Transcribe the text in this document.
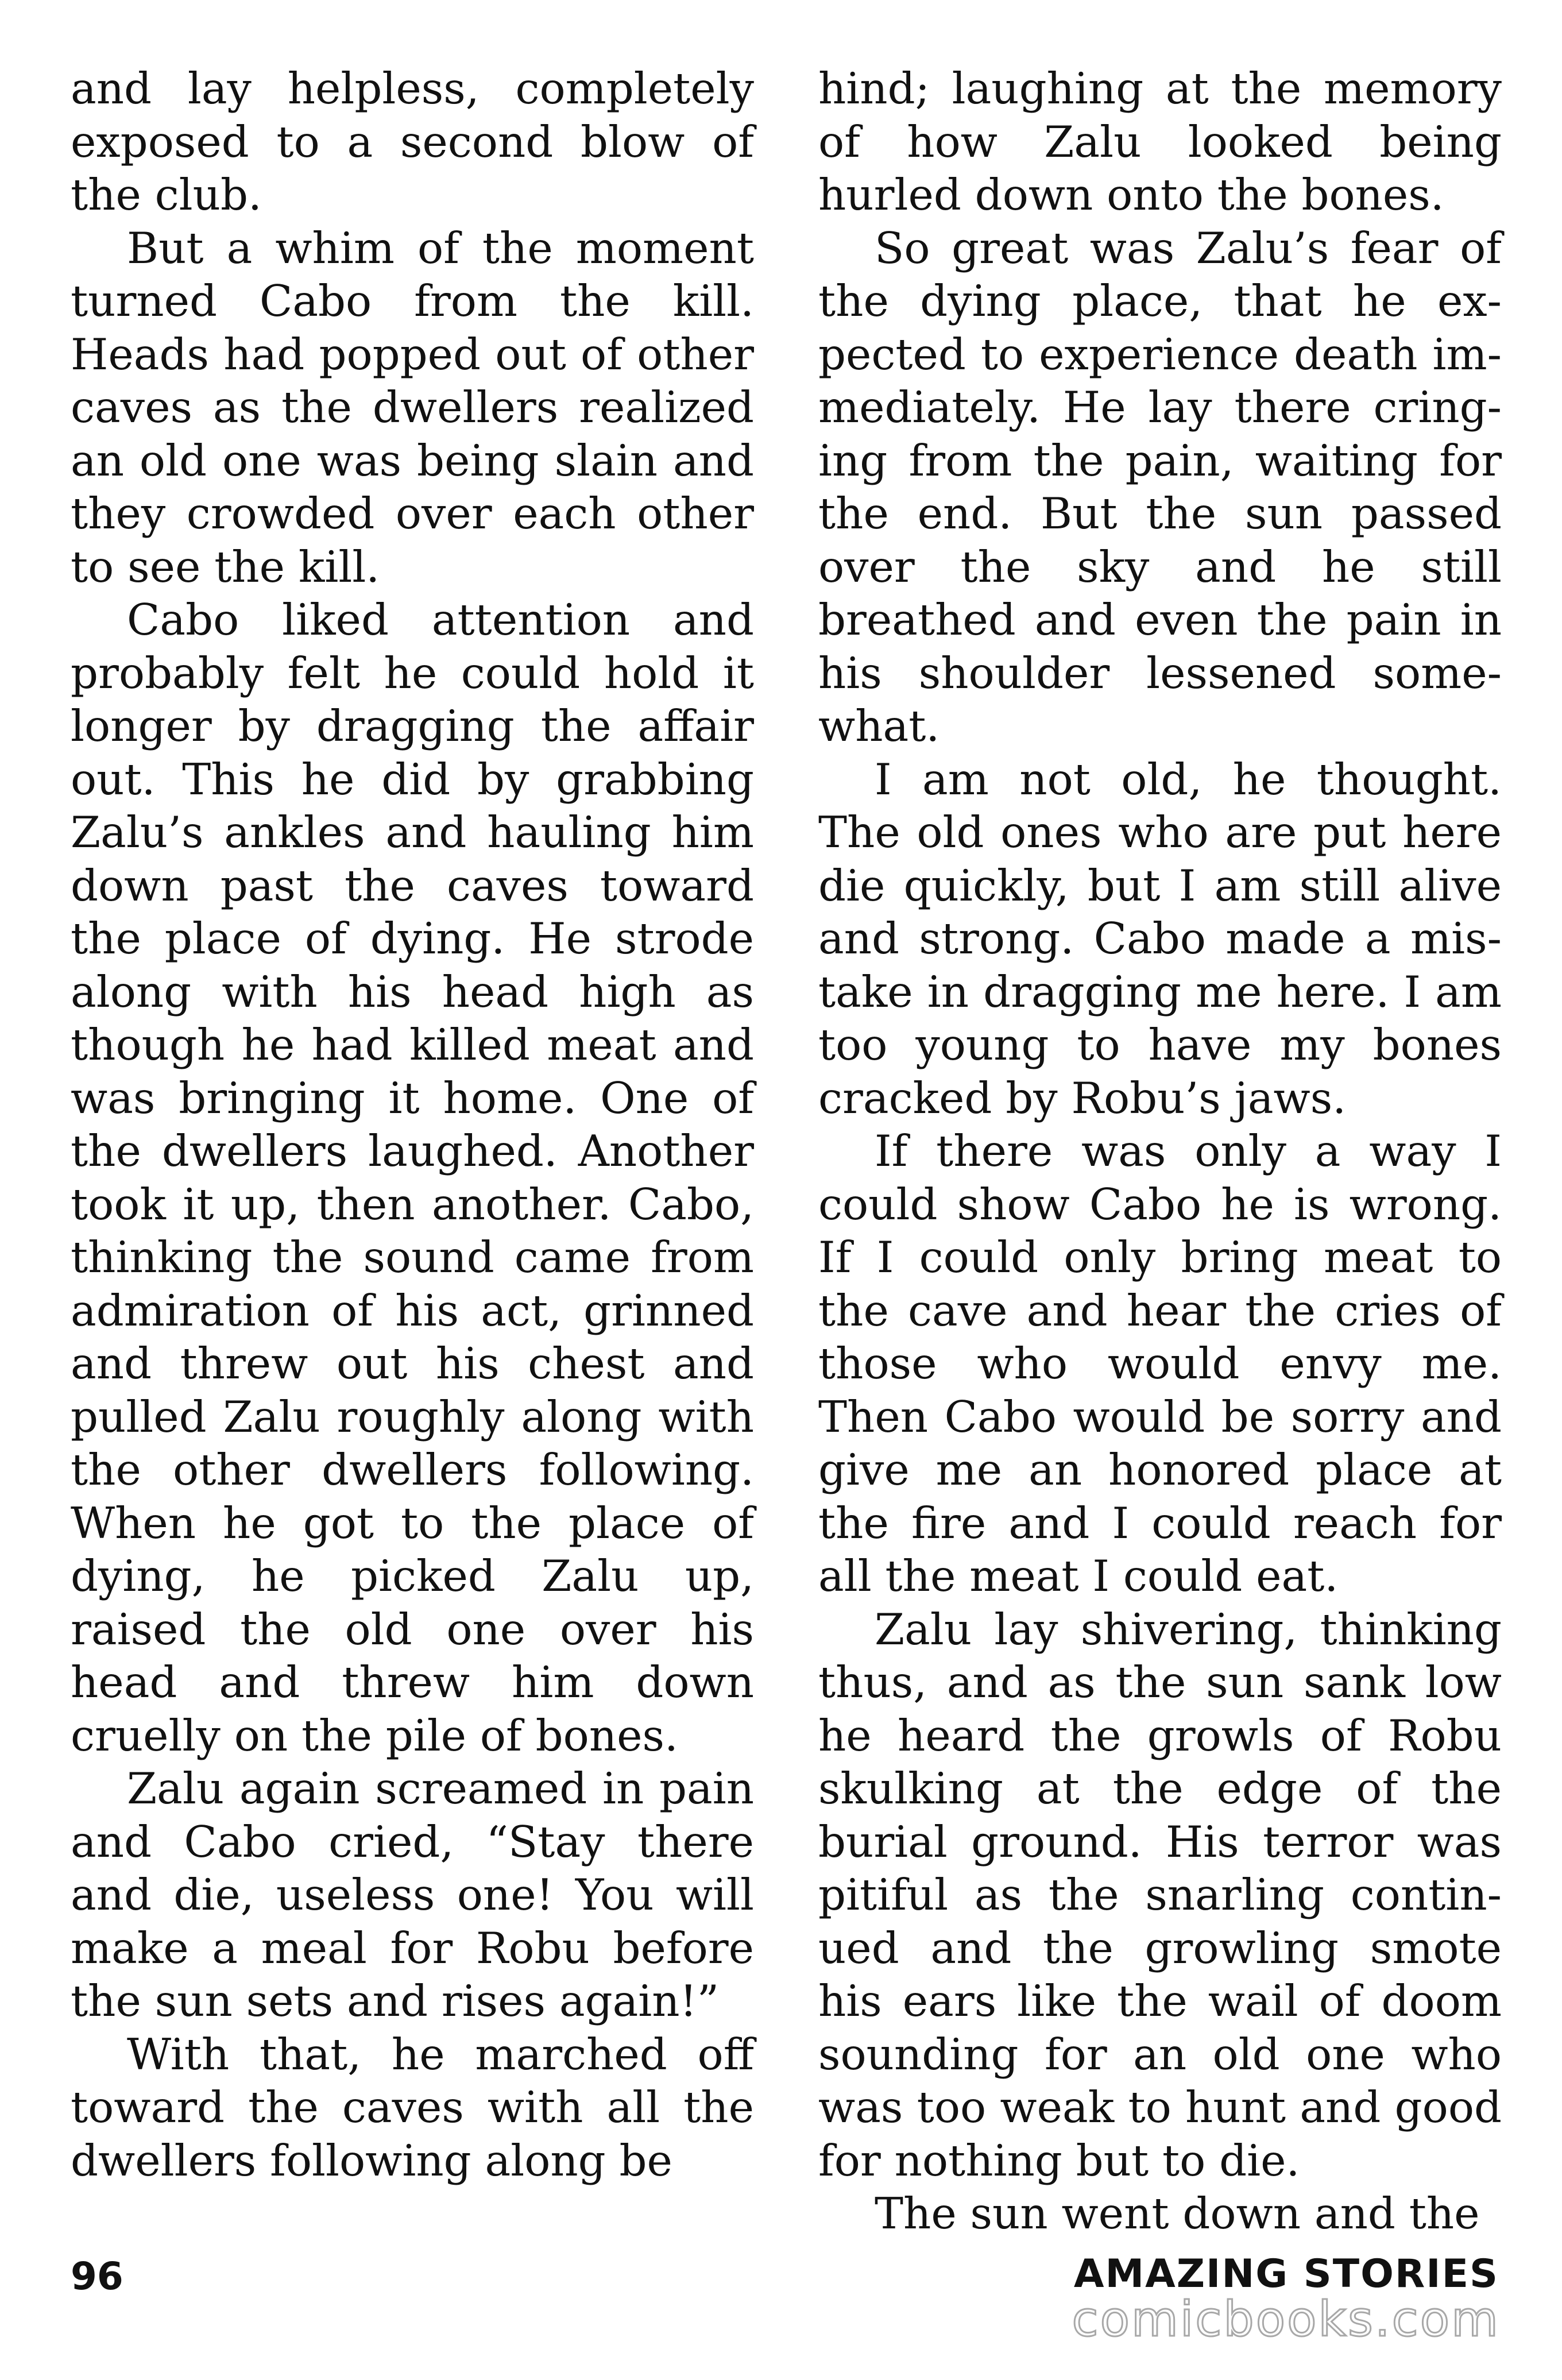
and lay helpless, completely exposed to a second blow of the club.

But a whim of the moment turned Cabo from the kill. Heads had popped out of other caves as the dwellers realized an old one was being slain and they crowded over each other to see the kill.

Cabo liked attention and probably felt he could hold it longer by dragging the affair out. This he did by grabbing Zalu’s ankles and hauling him down past the caves toward the place of dying. He strode along with his head high as though he had killed meat and was bringing it home. One of the dwellers laughed. Another took it up, then another. Cabo, thinking the sound came from admiration of his act, grinned and threw out his chest and pulled Zalu roughly along with the other dwellers following. When he got to the place of dying, he picked Zalu up, raised the old one over his head and threw him down cruelly on the pile of bones.

Zalu again screamed in pain and Cabo cried, “Stay there and die, useless one! You will make a meal for Robu before the sun sets and rises again!”

With that, he marched off toward the caves with all the dwellers following along be

hind; laughing at the memory of how Zalu looked being hurled down onto the bones.

So great was Zalu’s fear of the dying place, that he expected to experience death immediately. He lay there cringing from the pain, waiting for the end. But the sun passed over the sky and he still breathed and even the pain in his shoulder lessened somewhat.

I am not old, he thought. The old ones who are put here die quickly, but I am still alive and strong. Cabo made a mistake in dragging me here. I am too young to have my bones cracked by Robu’s jaws.

If there was only a way I could show Cabo he is wrong. If I could only bring meat to the cave and hear the cries of those who would envy me. Then Cabo would be sorry and give me an honored place at the fire and I could reach for all the meat I could eat.

Zalu lay shivering, thinking thus, and as the sun sank low he heard the growls of Robu skulking at the edge of the burial ground. His terror was pitiful as the snarling continued and the growling smote his ears like the wail of doom sounding for an old one who was too weak to hunt and good for nothing but to die.

The sun went down and the

96	AMAZING STORIES
comicbooks.com
